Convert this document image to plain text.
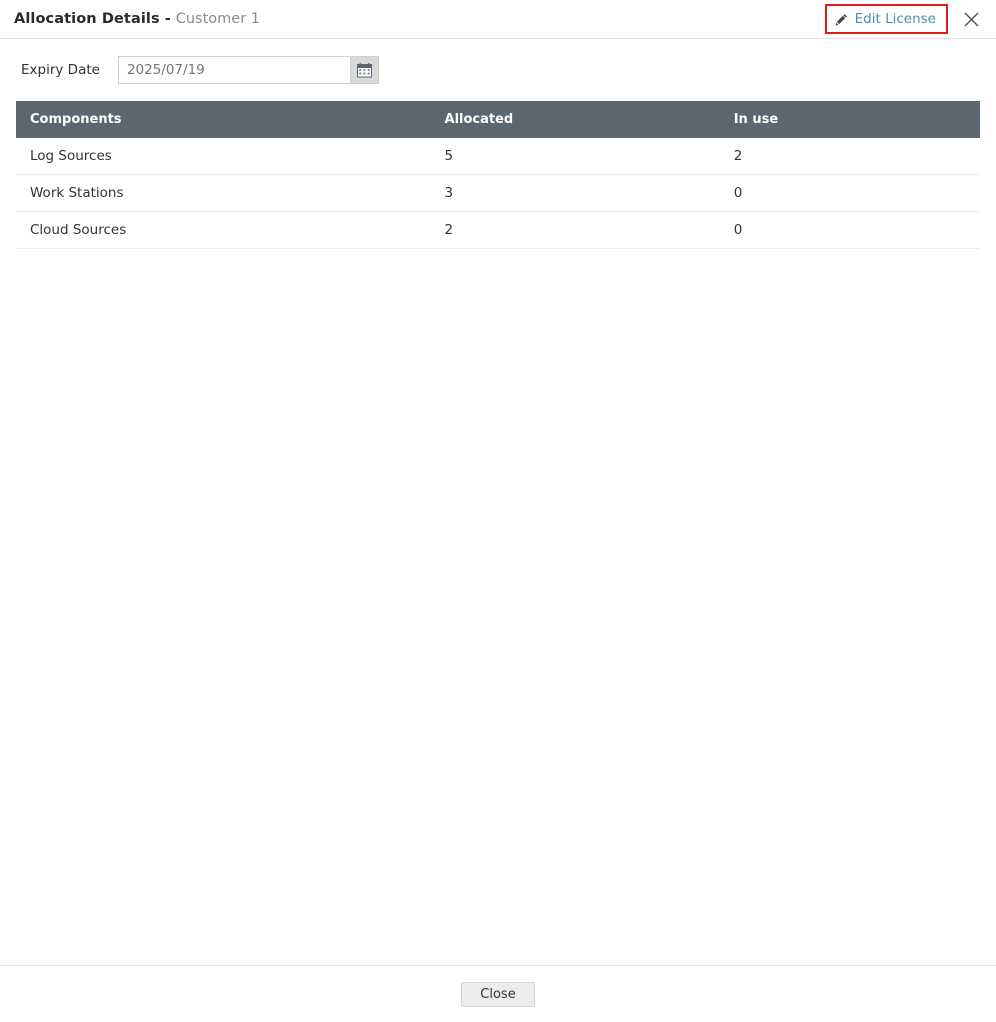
Allocation Details - Customer 1	Edit License
Expiry Date
2025/07/19
Components	Allocated	In use
Log Sources	5	2
Work Stations	3	0
Cloud Sources	2	0
Close
